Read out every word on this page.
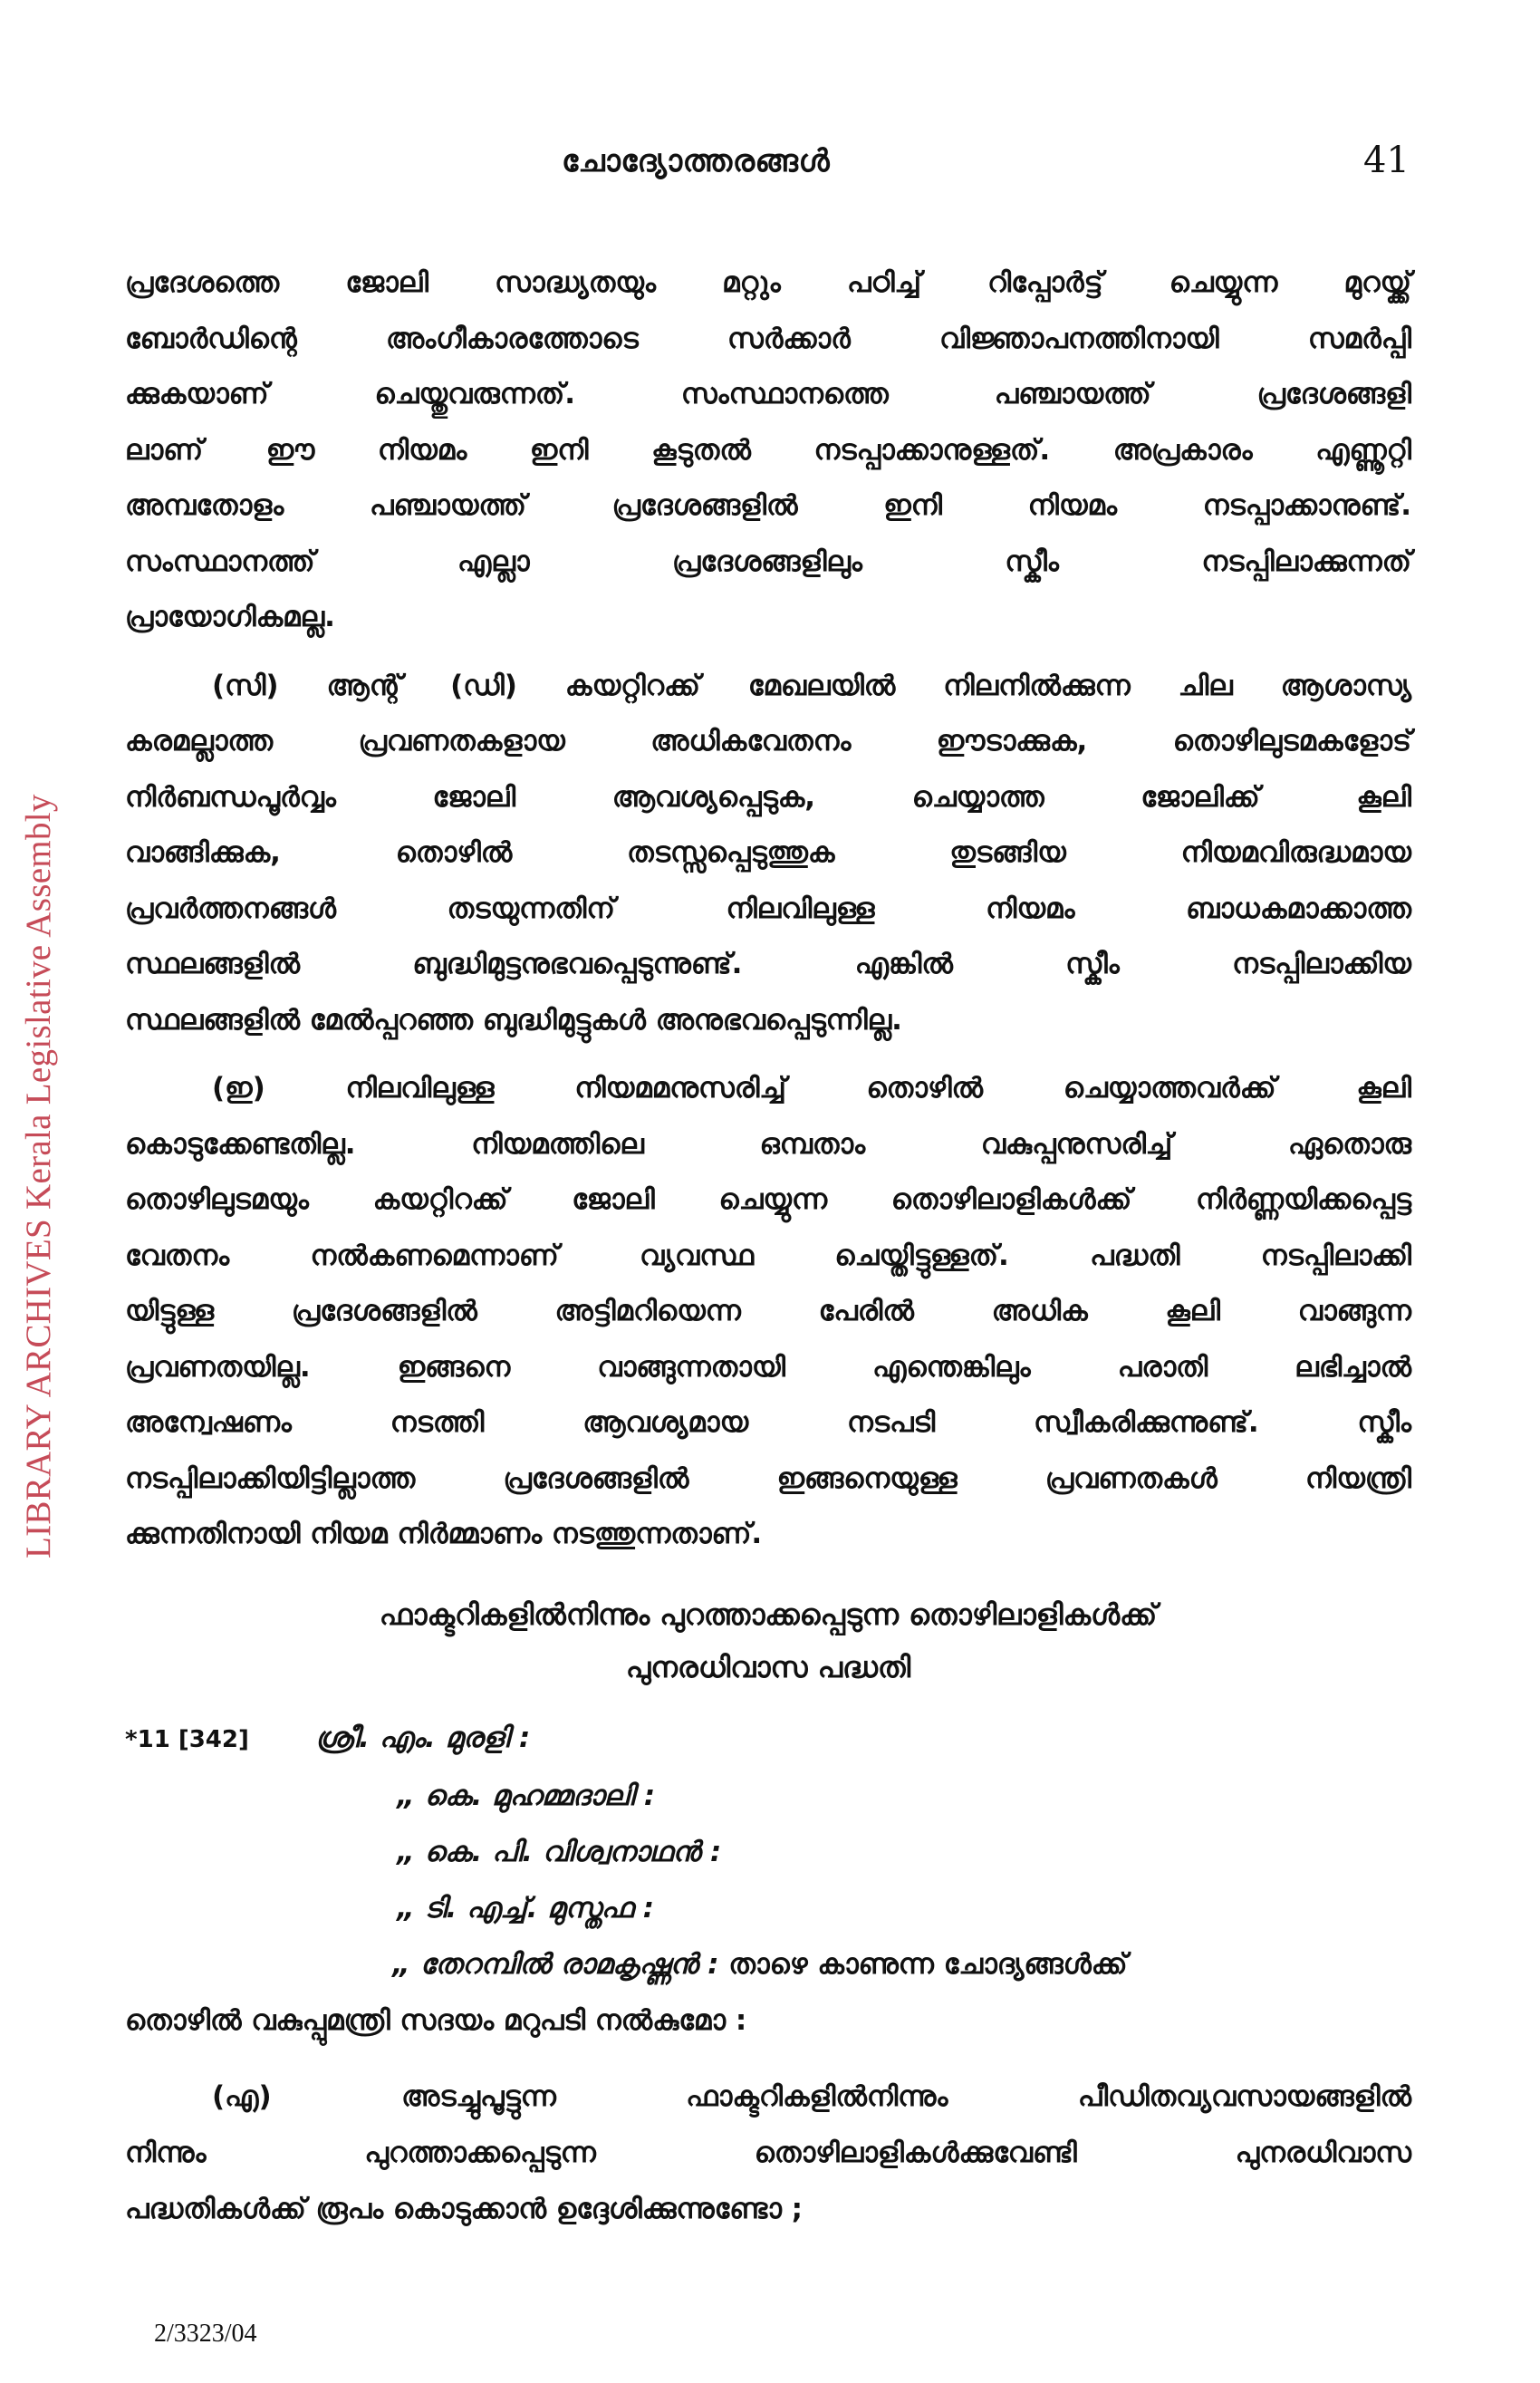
ചോദ്യോത്തരങ്ങൾ	41
LIBRARY ARCHIVES Kerala Legislative Assembly
പ്രദേശത്തെ ജോലി സാദ്ധ്യതയും മറ്റും പഠിച്ച് റിപ്പോർട്ട് ചെയ്യുന്ന മുറയ്ക്ക്
ബോർഡിന്റെ അംഗീകാരത്തോടെ സർക്കാർ വിജ്ഞാപനത്തിനായി സമർപ്പി
ക്കുകയാണ് ചെയ്തുവരുന്നത്. സംസ്ഥാനത്തെ പഞ്ചായത്ത് പ്രദേശങ്ങളി
ലാണ് ഈ നിയമം ഇനി കൂടുതൽ നടപ്പാക്കാനുള്ളത്. അപ്രകാരം എണ്ണൂറ്റി
അമ്പതോളം പഞ്ചായത്ത് പ്രദേശങ്ങളിൽ ഇനി നിയമം നടപ്പാക്കാനുണ്ട്.
സംസ്ഥാനത്ത് എല്ലാ പ്രദേശങ്ങളിലും സ്കീം നടപ്പിലാക്കുന്നത്
പ്രായോഗികമല്ല.
(സി) ആന്റ് (ഡി) കയറ്റിറക്ക് മേഖലയിൽ നിലനിൽക്കുന്ന ചില ആശാസ്യ
കരമല്ലാത്ത പ്രവണതകളായ അധികവേതനം ഈടാക്കുക, തൊഴിലുടമകളോട്
നിർബന്ധപൂർവ്വം ജോലി ആവശ്യപ്പെടുക, ചെയ്യാത്ത ജോലിക്ക് കൂലി
വാങ്ങിക്കുക, തൊഴിൽ തടസ്സപ്പെടുത്തുക തുടങ്ങിയ നിയമവിരുദ്ധമായ
പ്രവർത്തനങ്ങൾ തടയുന്നതിന് നിലവിലുള്ള നിയമം ബാധകമാക്കാത്ത
സ്ഥലങ്ങളിൽ ബുദ്ധിമുട്ടനുഭവപ്പെടുന്നുണ്ട്. എങ്കിൽ സ്കീം നടപ്പിലാക്കിയ
സ്ഥലങ്ങളിൽ മേൽപ്പറഞ്ഞ ബുദ്ധിമുട്ടുകൾ അനുഭവപ്പെടുന്നില്ല.
(ഇ) നിലവിലുള്ള നിയമമനുസരിച്ച് തൊഴിൽ ചെയ്യാത്തവർക്ക് കൂലി
കൊടുക്കേണ്ടതില്ല. നിയമത്തിലെ ഒമ്പതാം വകുപ്പനുസരിച്ച് ഏതൊരു
തൊഴിലുടമയും കയറ്റിറക്ക് ജോലി ചെയ്യുന്ന തൊഴിലാളികൾക്ക് നിർണ്ണയിക്കപ്പെട്ട
വേതനം നൽകണമെന്നാണ് വ്യവസ്ഥ ചെയ്തിട്ടുള്ളത്. പദ്ധതി നടപ്പിലാക്കി
യിട്ടുള്ള പ്രദേശങ്ങളിൽ അട്ടിമറിയെന്ന പേരിൽ അധിക കൂലി വാങ്ങുന്ന
പ്രവണതയില്ല. ഇങ്ങനെ വാങ്ങുന്നതായി എന്തെങ്കിലും പരാതി ലഭിച്ചാൽ
അന്വേഷണം നടത്തി ആവശ്യമായ നടപടി സ്വീകരിക്കുന്നുണ്ട്. സ്കീം
നടപ്പിലാക്കിയിട്ടില്ലാത്ത പ്രദേശങ്ങളിൽ ഇങ്ങനെയുള്ള പ്രവണതകൾ നിയന്ത്രി
ക്കുന്നതിനായി നിയമ നിർമ്മാണം നടത്തുന്നതാണ്.
ഫാക്ടറികളിൽനിന്നും പുറത്താക്കപ്പെടുന്ന തൊഴിലാളികൾക്ക്
പുനരധിവാസ പദ്ധതി
*11 [342]	ശ്രീ. എം. മുരളി :
„ കെ. മുഹമ്മദാലി :
„ കെ. പി. വിശ്വനാഥൻ :
„ ടി. എച്ച്. മുസ്തഫ :
„ തേറമ്പിൽ രാമകൃഷ്ണൻ : താഴെ കാണുന്ന ചോദ്യങ്ങൾക്ക്
തൊഴിൽ വകുപ്പുമന്ത്രി സദയം മറുപടി നൽകുമോ :
(എ) അടച്ചുപൂട്ടുന്ന ഫാക്ടറികളിൽനിന്നും പീഡിതവ്യവസായങ്ങളിൽ
നിന്നും പുറത്താക്കപ്പെടുന്ന തൊഴിലാളികൾക്കുവേണ്ടി പുനരധിവാസ
പദ്ധതികൾക്ക് രൂപം കൊടുക്കാൻ ഉദ്ദേശിക്കുന്നുണ്ടോ ;
2/3323/04
